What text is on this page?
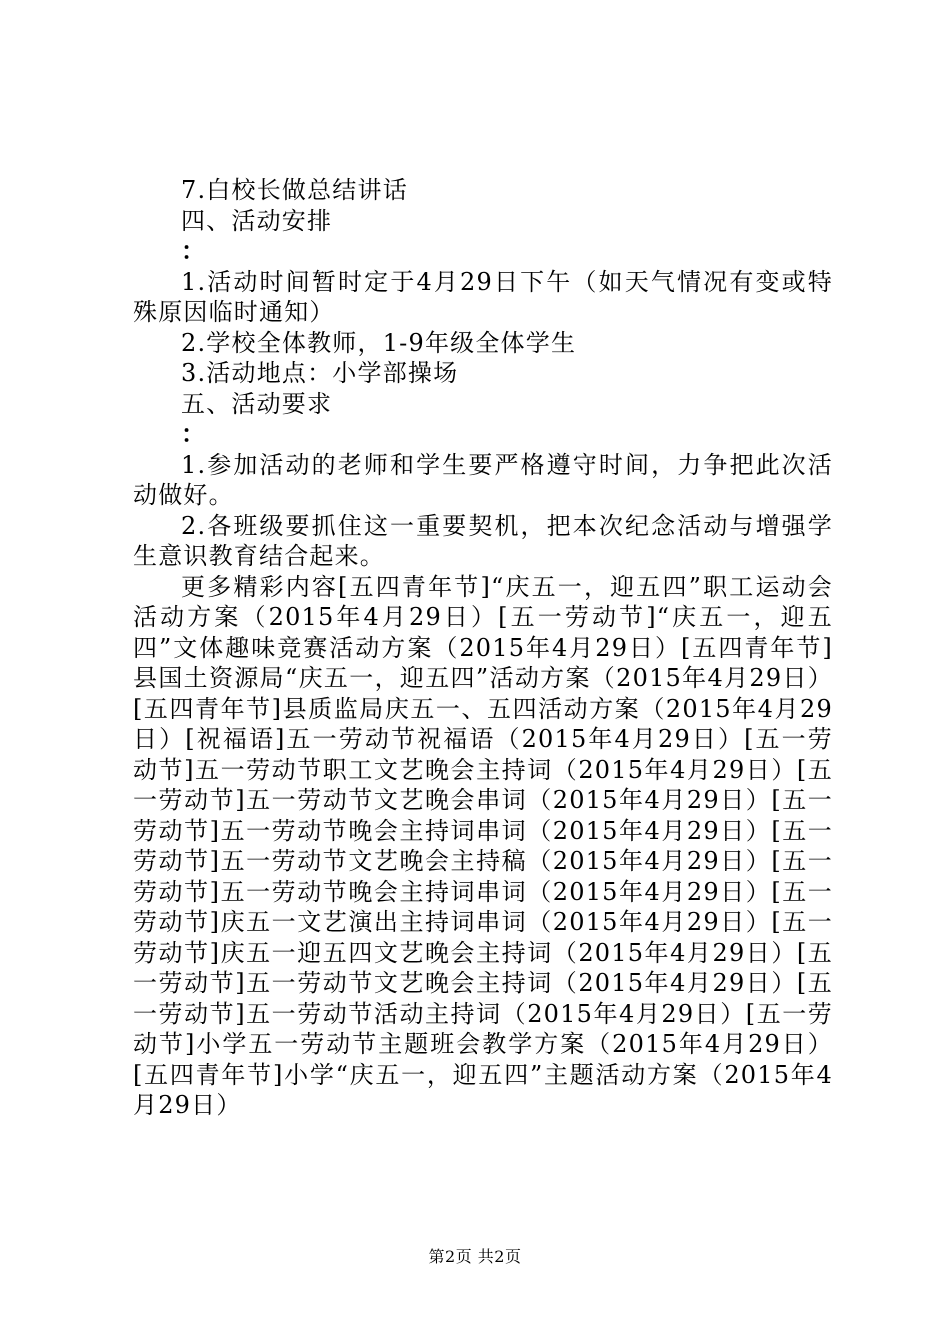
7.白校长做总结讲话

四、活动安排

：

1.活动时间暂时定于4月29日下午（如天气情况有变或特殊原因临时通知）

2.学校全体教师，1-9年级全体学生

3.活动地点：小学部操场

五、活动要求

：

1.参加活动的老师和学生要严格遵守时间，力争把此次活动做好。

2.各班级要抓住这一重要契机，把本次纪念活动与增强学生意识教育结合起来。

更多精彩内容[五四青年节]“庆五一，迎五四”职工运动会活动方案（2015年4月29日）[五一劳动节]“庆五一，迎五四”文体趣味竞赛活动方案（2015年4月29日）[五四青年节]县国土资源局“庆五一，迎五四”活动方案（2015年4月29日）[五四青年节]县质监局庆五一、五四活动方案（2015年4月29日）[祝福语]五一劳动节祝福语（2015年4月29日）[五一劳动节]五一劳动节职工文艺晚会主持词（2015年4月29日）[五一劳动节]五一劳动节文艺晚会串词（2015年4月29日）[五一劳动节]五一劳动节晚会主持词串词（2015年4月29日）[五一劳动节]五一劳动节文艺晚会主持稿（2015年4月29日）[五一劳动节]五一劳动节晚会主持词串词（2015年4月29日）[五一劳动节]庆五一文艺演出主持词串词（2015年4月29日）[五一劳动节]庆五一迎五四文艺晚会主持词（2015年4月29日）[五一劳动节]五一劳动节文艺晚会主持词（2015年4月29日）[五一劳动节]五一劳动节活动主持词（2015年4月29日）[五一劳动节]小学五一劳动节主题班会教学方案（2015年4月29日）[五四青年节]小学“庆五一，迎五四”主题活动方案（2015年4月29日）

第2页 共2页
